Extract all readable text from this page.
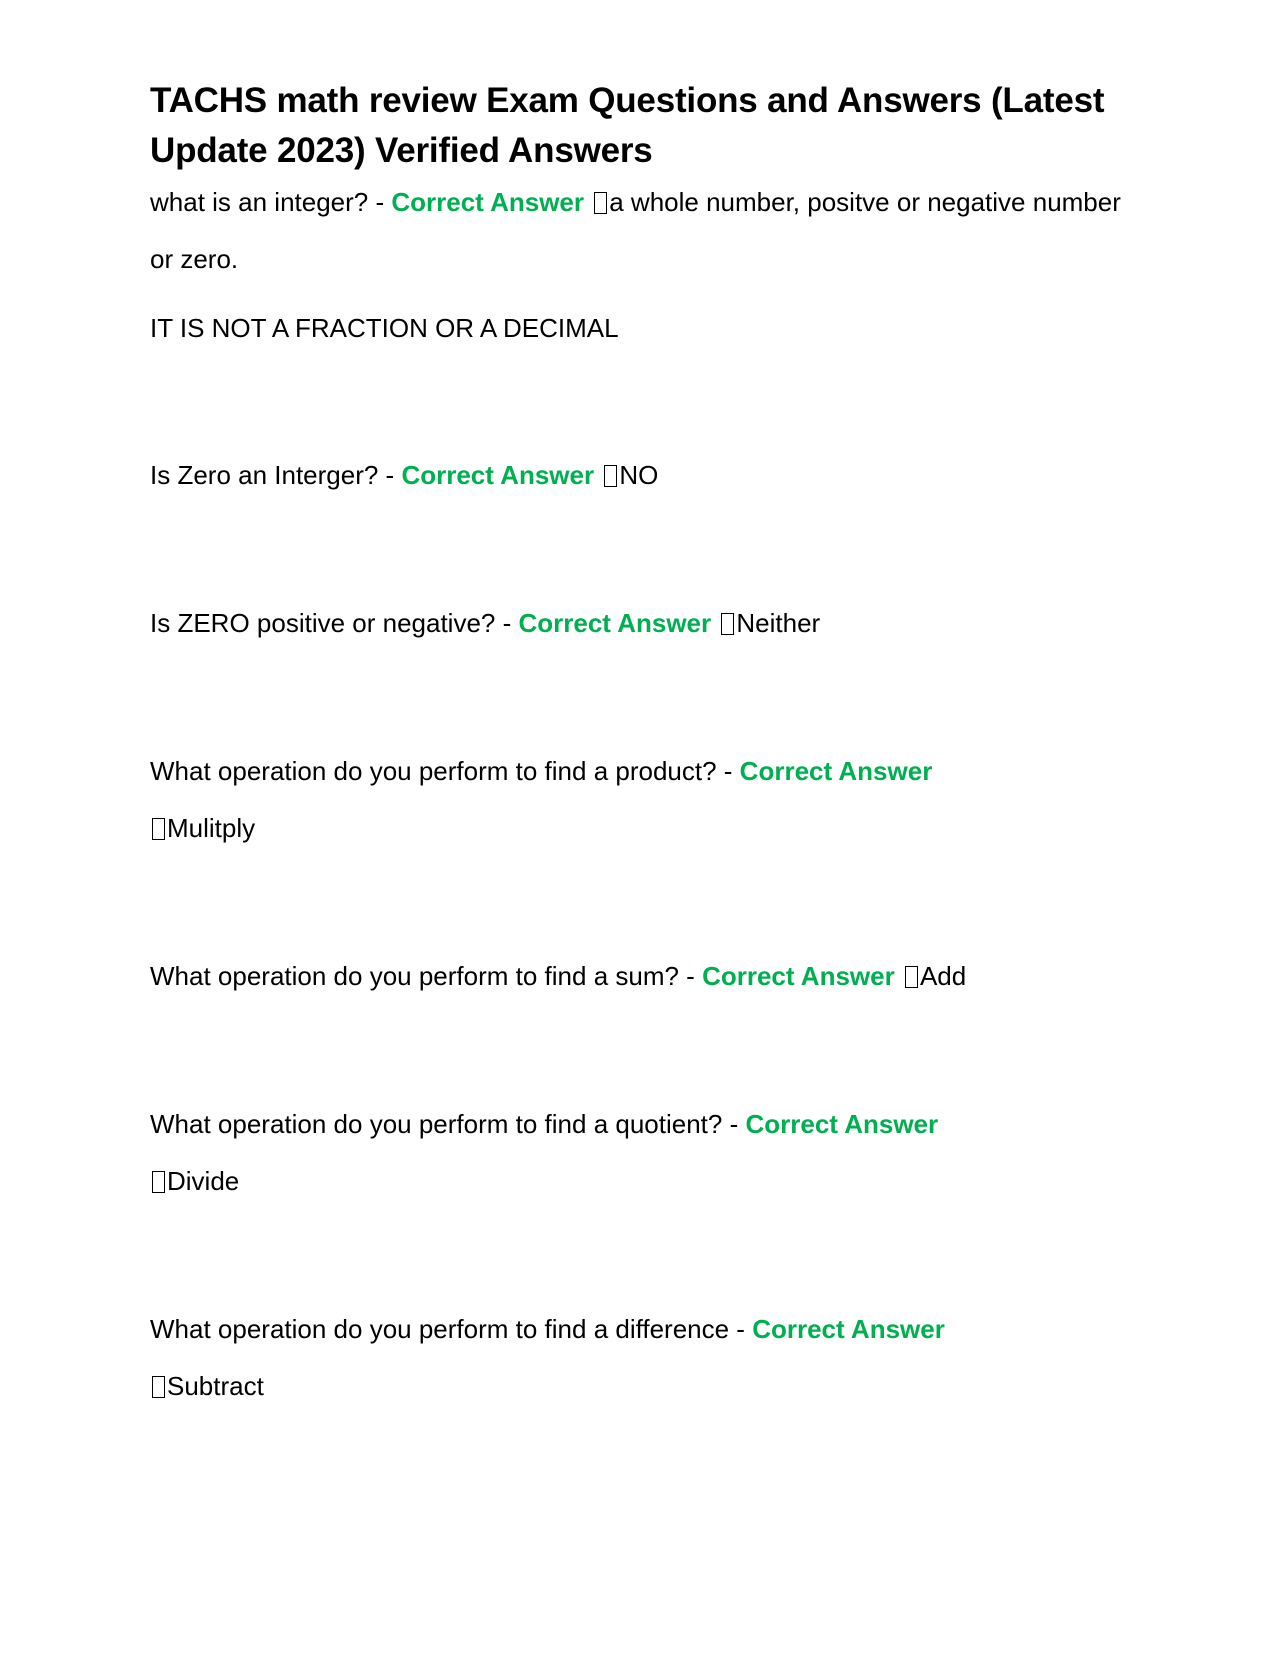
TACHS math review Exam Questions and Answers (Latest Update 2023) Verified Answers

what is an integer? - Correct Answer a whole number, positve or negative number or zero.

IT IS NOT A FRACTION OR A DECIMAL

Is Zero an Interger? - Correct Answer NO

Is ZERO positive or negative? - Correct Answer Neither

What operation do you perform to find a product? - Correct Answer
Mulitply

What operation do you perform to find a sum? - Correct Answer Add

What operation do you perform to find a quotient? - Correct Answer
Divide

What operation do you perform to find a difference - Correct Answer
Subtract
